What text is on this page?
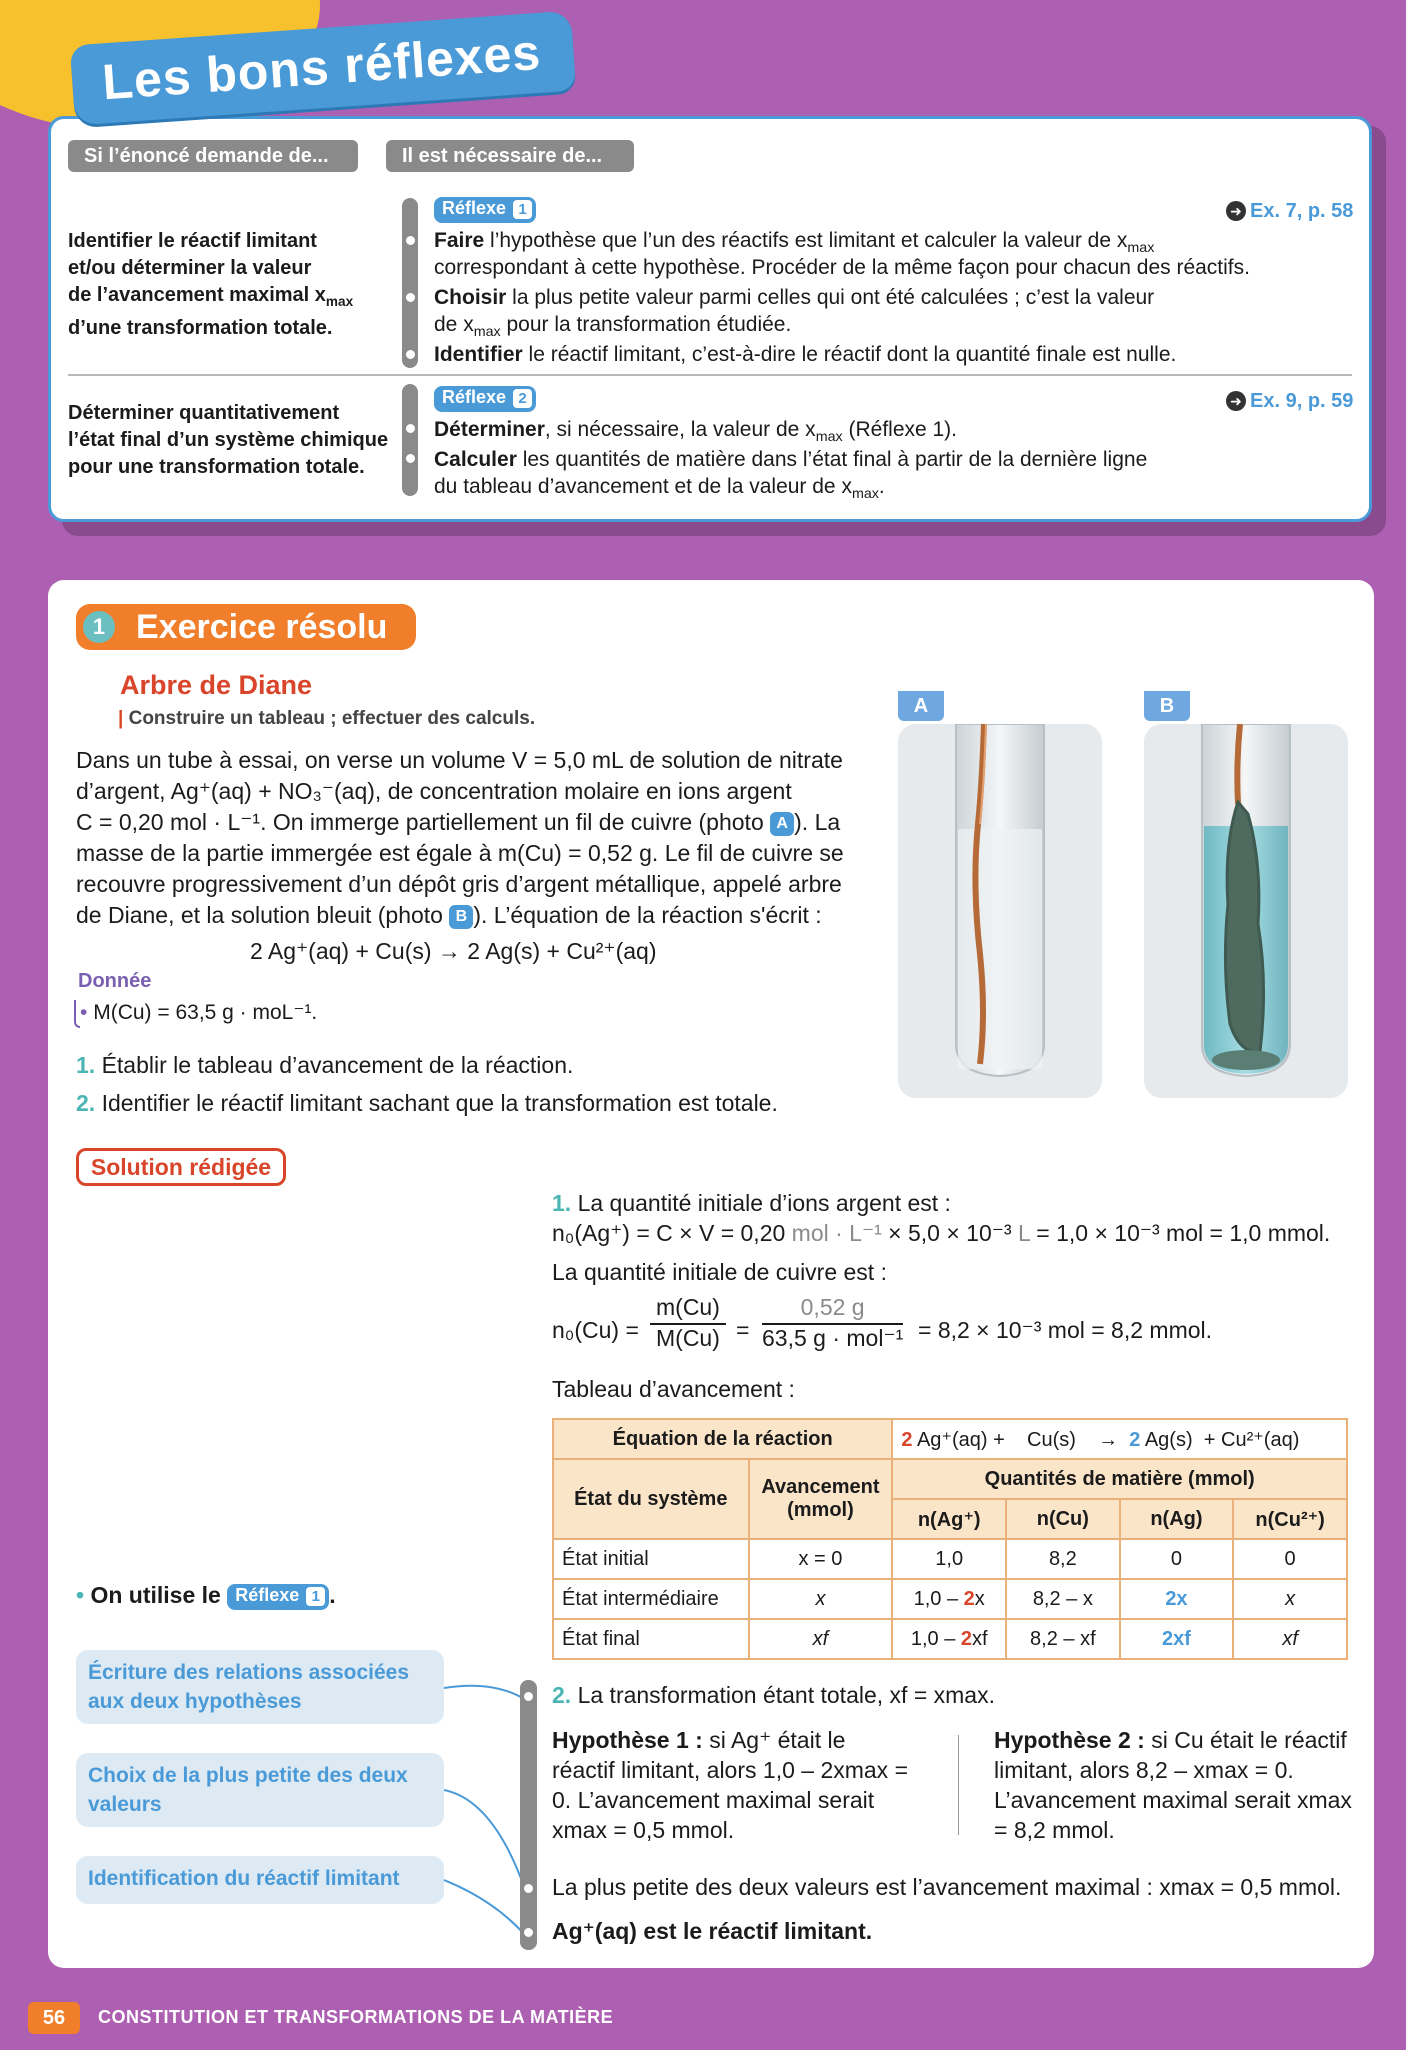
Les bons réflexes
Si l’énoncé demande de...	Il est nécessaire de...
Identifier le réactif limitant
et/ou déterminer la valeur
de l’avancement maximal $x_{max}$
d’une transformation totale.
Réflexe 1	➜ Ex. 7, p. 58
Faire l’hypothèse que l’un des réactifs est limitant et calculer la valeur de $x_{max}$
correspondant à cette hypothèse. Procéder de la même façon pour chacun des réactifs.
Choisir la plus petite valeur parmi celles qui ont été calculées ; c’est la valeur
de $x_{max}$ pour la transformation étudiée.
Identifier le réactif limitant, c’est-à-dire le réactif dont la quantité finale est nulle.
Déterminer quantitativement
l’état final d’un système chimique
pour une transformation totale.
Réflexe 2	➜ Ex. 9, p. 59
Déterminer, si nécessaire, la valeur de $x_{max}$ (Réflexe 1).
Calculer les quantités de matière dans l’état final à partir de la dernière ligne
du tableau d’avancement et de la valeur de $x_{max}$.
1 Exercice résolu
Arbre de Diane
| Construire un tableau ; effectuer des calculs.
Dans un tube à essai, on verse un volume V = 5,0 mL de solution de nitrate
d’argent, Ag⁺(aq) + NO₃⁻(aq), de concentration molaire en ions argent
C = 0,20 mol · L⁻¹. On immerge partiellement un fil de cuivre (photo A ). La
masse de la partie immergée est égale à m(Cu) = 0,52 g. Le fil de cuivre se
recouvre progressivement d’un dépôt gris d’argent métallique, appelé arbre
de Diane, et la solution bleuit (photo B ). L’équation de la réaction s'écrit :
2 Ag⁺(aq) + Cu(s) → 2 Ag(s) + Cu²⁺(aq)
Donnée
• M(Cu) = 63,5 g · moL⁻¹.
1. Établir le tableau d’avancement de la réaction.
2. Identifier le réactif limitant sachant que la transformation est totale.
A	B
Solution rédigée
1. La quantité initiale d’ions argent est :
n₀(Ag⁺) = C × V = 0,20 mol · L⁻¹ × 5,0 × 10⁻³ L = 1,0 × 10⁻³ mol = 1,0 mmol.
La quantité initiale de cuivre est :
$n_0(Cu) = \frac{m(Cu)}{M(Cu)}$ =
0,52 g
63,5 g · mol⁻¹ = 8,2 × 10⁻³ mol = 8,2 mmol.
Tableau d’avancement :
Équation de la réaction		2 Ag⁺(aq) + Cu(s) → 2 Ag(s) + Cu²⁺(aq)			
État du système	Avancement (mmol)	Quantités de matière (mmol)			
		n(Ag⁺)	n(Cu)	n(Ag)	n(Cu²⁺)
État initial	x = 0	1,0	8,2	0	0
État intermédiaire	x	1,0 – 2x	8,2 – x	2x	x
État final	xf	1,0 – 2xf	8,2 – xf	2xf	xf
• On utilise le Réflexe 1 .
Écriture des relations associées aux deux hypothèses
Choix de la plus petite des deux valeurs
Identification du réactif limitant
2. La transformation étant totale, xf = xmax.
Hypothèse 1 : si Ag⁺ était le réactif limitant, alors 1,0 – 2xmax = 0. L’avancement maximal serait xmax = 0,5 mmol.
Hypothèse 2 : si Cu était le réactif limitant, alors 8,2 – xmax = 0. L’avancement maximal serait xmax = 8,2 mmol.
La plus petite des deux valeurs est l’avancement maximal : xmax = 0,5 mmol.
Ag⁺(aq) est le réactif limitant.
56	CONSTITUTION ET TRANSFORMATIONS DE LA MATIÈRE
